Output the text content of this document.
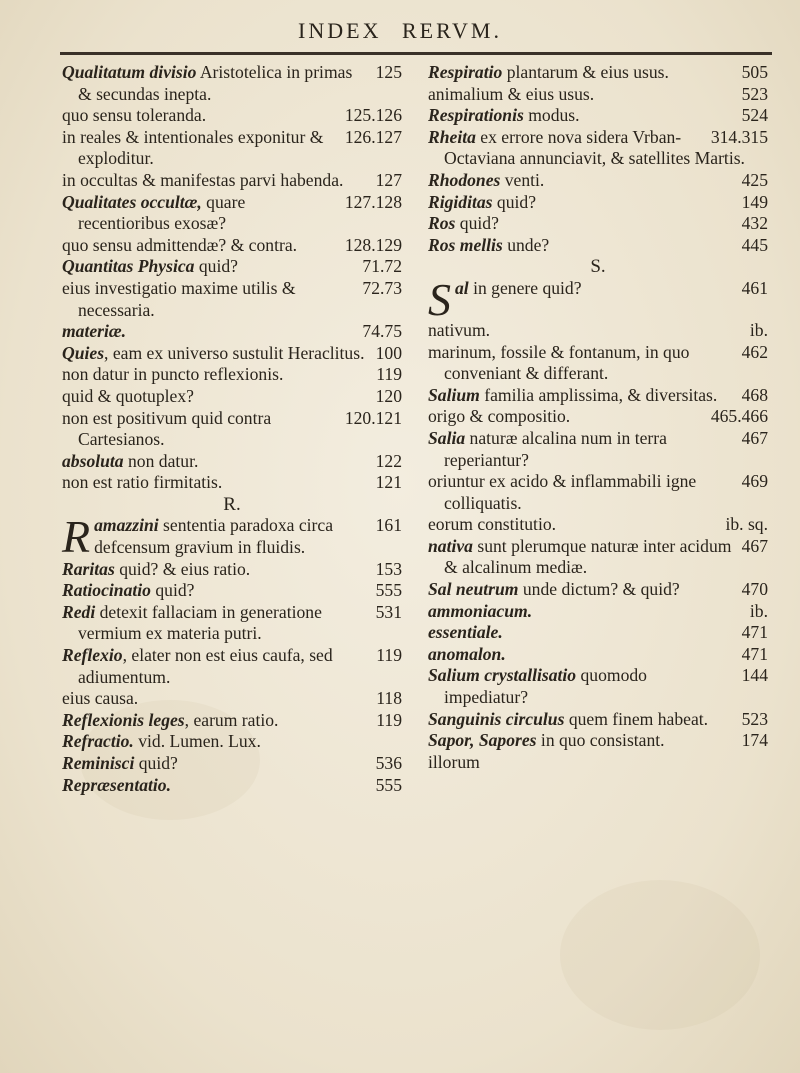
INDEX RERVM.
125
Qualitatum divisio Aristotelica in primas & secundas inepta.
125.126
quo sensu toleranda.
126.127
in reales & intentionales exponitur & exploditur.
127
in occultas & manifestas parvi habenda.
127.128
Qualitates occultæ, quare recentioribus exosæ?
128.129
quo sensu admittendæ? & contra.
71.72
Quantitas Physica quid?
72.73
eius investigatio maxime utilis & necessaria.
74.75
materiæ.
100
Quies, eam ex universo sustulit Heraclitus.
119
non datur in puncto reflexionis.
120
quid & quotuplex?
120.121
non est positivum quid contra Cartesianos.
122
absoluta non datur.
121
non est ratio firmitatis.
R.
161
R amazzini sententia paradoxa circa defcensum gravium in fluidis.
153
Raritas quid? & eius ratio.
555
Ratiocinatio quid?
531
Redi detexit fallaciam in generatione vermium ex materia putri.
119
Reflexio, elater non est eius caufa, sed adiumentum.
118
eius causa.
119
Reflexionis leges, earum ratio.
Refractio. vid. Lumen. Lux.
536
Reminisci quid?
555
Repræsentatio.
505
Respiratio plantarum & eius usus.
523
animalium & eius usus.
524
Respirationis modus.
314.315
Rheita ex errore nova sidera Vrban-Octaviana annunciavit, & satellites Martis.
425
Rhodones venti.
149
Rigiditas quid?
432
Ros quid?
445
Ros mellis unde?
S.
461
S al in genere quid?
ib.
nativum.
462
marinum, fossile & fontanum, in quo conveniant & differant.
468
Salium familia amplissima, & diversitas.
465.466
origo & compositio.
467
Salia naturæ alcalina num in terra reperiantur?
469
oriuntur ex acido & inflammabili igne colliquatis.
ib. sq.
eorum constitutio.
467
nativa sunt plerumque naturæ inter acidum & alcalinum mediæ.
470
Sal neutrum unde dictum? & quid?
ib.
ammoniacum.
471
essentiale.
471
anomalon.
144
Salium crystallisatio quomodo impediatur?
523
Sanguinis circulus quem finem habeat.
174
Sapor, Sapores in quo consistant.
illorum
